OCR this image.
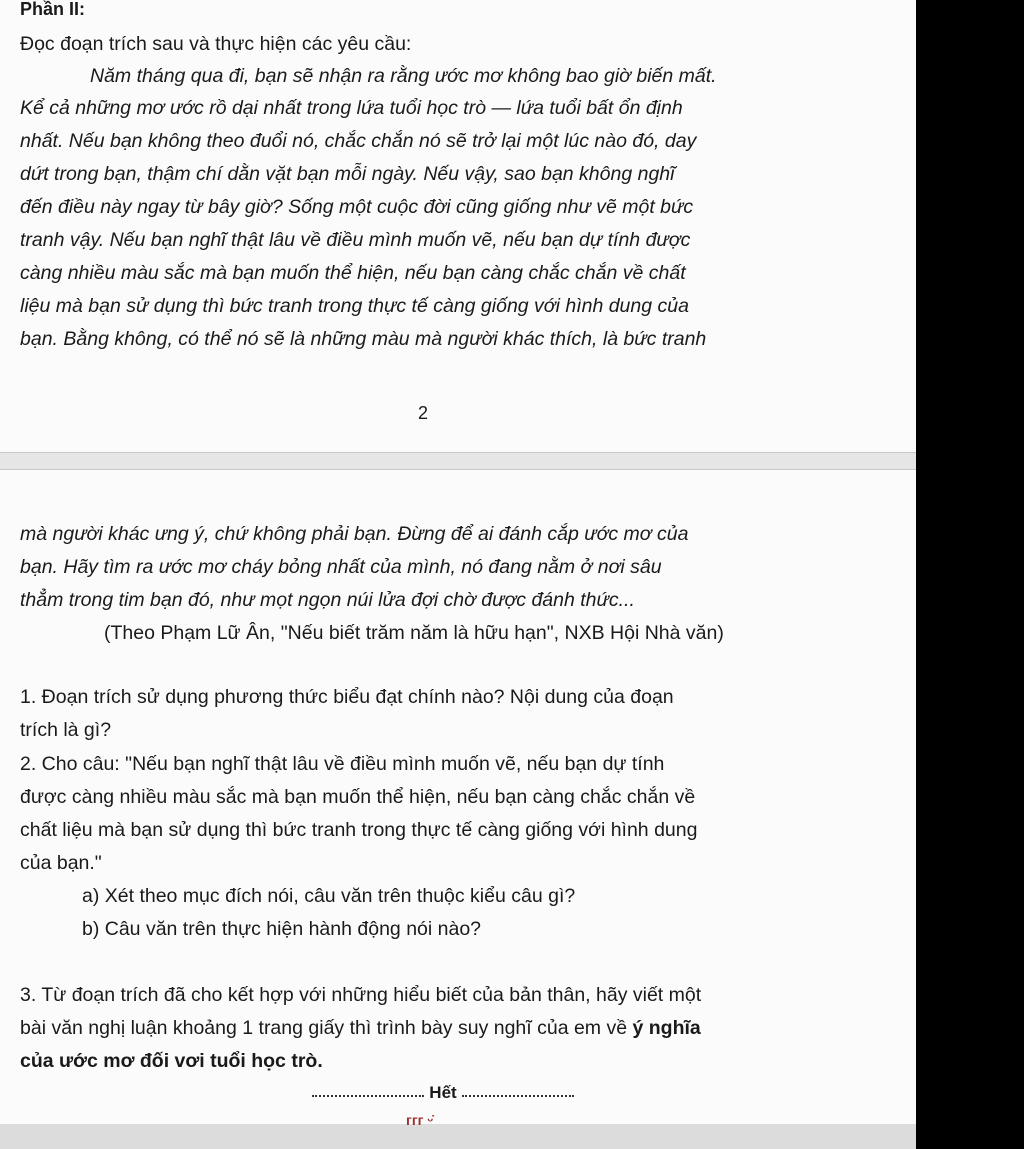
Phần II:
Đọc đoạn trích sau và thực hiện các yêu cầu:
Năm tháng qua đi, bạn sẽ nhận ra rằng ước mơ không bao giờ biến mất.
Kể cả những mơ ước rồ dại nhất trong lứa tuổi học trò — lứa tuổi bất ổn định
nhất. Nếu bạn không theo đuổi nó, chắc chắn nó sẽ trở lại một lúc nào đó, day
dứt trong bạn, thậm chí dằn vặt bạn mỗi ngày. Nếu vậy, sao bạn không nghĩ
đến điều này ngay từ bây giờ? Sống một cuộc đời cũng giống như vẽ một bức
tranh vậy. Nếu bạn nghĩ thật lâu về điều mình muốn vẽ, nếu bạn dự tính được
càng nhiều màu sắc mà bạn muốn thể hiện, nếu bạn càng chắc chắn về chất
liệu mà bạn sử dụng thì bức tranh trong thực tế càng giống với hình dung của
bạn. Bằng không, có thể nó sẽ là những màu mà người khác thích, là bức tranh
2
mà người khác ưng ý, chứ không phải bạn. Đừng để ai đánh cắp ước mơ của
bạn. Hãy tìm ra ước mơ cháy bỏng nhất của mình, nó đang nằm ở nơi sâu
thẳm trong tim bạn đó, như mọt ngọn núi lửa đợi chờ được đánh thức...
(Theo Phạm Lữ Ân, "Nếu biết trăm năm là hữu hạn", NXB Hội Nhà văn)
1. Đoạn trích sử dụng phương thức biểu đạt chính nào? Nội dung của đoạn
trích là gì?
2. Cho câu: "Nếu bạn nghĩ thật lâu về điều mình muốn vẽ, nếu bạn dự tính
được càng nhiều màu sắc mà bạn muốn thể hiện, nếu bạn càng chắc chắn về
chất liệu mà bạn sử dụng thì bức tranh trong thực tế càng giống với hình dung
của bạn."
a) Xét theo mục đích nói, câu văn trên thuộc kiểu câu gì?
b) Câu văn trên thực hiện hành động nói nào?
3. Từ đoạn trích đã cho kết hợp với những hiểu biết của bản thân, hãy viết một
bài văn nghị luận khoảng 1 trang giấy thì trình bày suy nghĩ của em về ý nghĩa
của ước mơ đối vơi tuổi học trò.
Hết
ᴦᴦᴦ ᵕ̇
